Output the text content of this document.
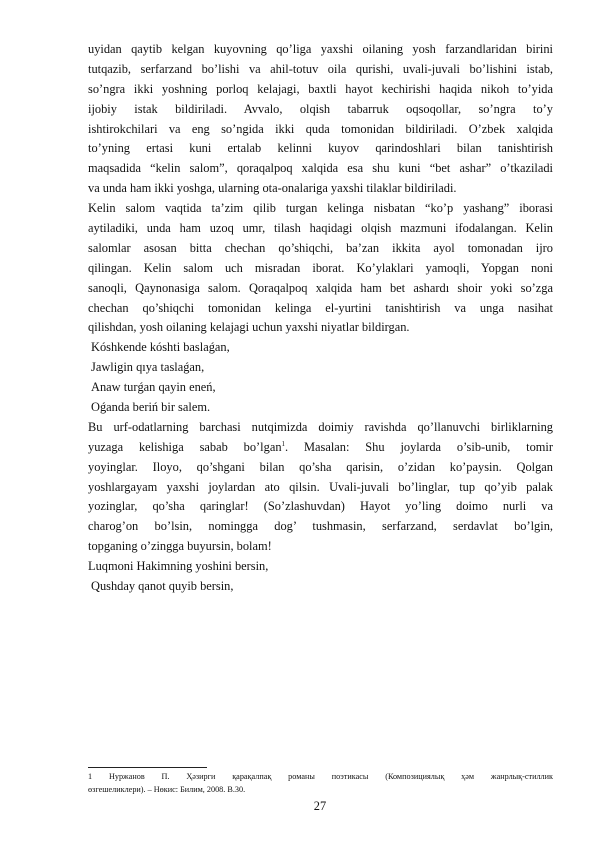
uyidan qaytib kelgan kuyovning qo’liga yaxshi oilaning yosh farzandlaridan birini
tutqazib, serfarzand bo’lishi va ahil-totuv oila qurishi, uvali-juvali bo’lishini istab,
so’ngra ikki yoshning porloq kelajagi, baxtli hayot kechirishi haqida nikoh to’yida
ijobiy istak bildiriladi. Avvalo, olqish tabarruk oqsoqollar, so’ngra to’y
ishtirokchilari va eng so’ngida ikki quda tomonidan bildiriladi. O’zbek xalqida
to’yning ertasi kuni ertalab kelinni kuyov qarindoshlari bilan tanishtirish
maqsadida “kelin salom”, qoraqalpoq xalqida esa shu kuni “bet ashar” o’tkaziladi
va unda ham ikki yoshga, ularning ota-onalariga yaxshi tilaklar bildiriladi.
Kelin salom vaqtida ta’zim qilib turgan kelinga nisbatan “ko’p yashang” iborasi
aytiladiki, unda ham uzoq umr, tilash haqidagi olqish mazmuni ifodalangan. Kelin
salomlar asosan bitta chechan qo’shiqchi, ba’zan ikkita ayol tomonadan ijro
qilingan. Kelin salom uch misradan iborat. Ko’ylaklari yamoqli, Yopgan noni
sanoqli, Qaynonasiga salom. Qoraqalpoq xalqida ham bet ashardı shoir yoki so’zga
chechan qo’shiqchi tomonidan kelinga el-yurtini tanishtirish va unga nasihat
qilishdan, yosh oilaning kelajagi uchun yaxshi niyatlar bildirgan.
Kóshkende kóshti baslaǵan,
Jawligin qıya taslaǵan,
Anaw turǵan qayin eneń,
Oǵanda beriń bir salem.
Bu urf-odatlarning barchasi nutqimizda doimiy ravishda qo’llanuvchi birliklarning
yuzaga kelishiga sabab bo’lgan$^1$. Masalan: Shu joylarda o’sib-unib, tomir
yoyinglar. Iloyo, qo’shgani bilan qo’sha qarisin, o’zidan ko’paysin. Qolgan
yoshlargayam yaxshi joylardan ato qilsin. Uvali-juvali bo’linglar, tup qo’yib palak
yozinglar, qo’sha qaringlar! (So’zlashuvdan) Hayot yo’ling doimo nurli va
charog’on bo’lsin, nomingga dog’ tushmasin, serfarzand, serdavlat bo’lgin,
topganing o’zingga buyursin, bolam!
Luqmoni Hakimning yoshini bersin,
Qushday qanot quyib bersin,
1 Нуржанов П. Ҳәзирги қарақалпақ романы поэтикасы (Композициялық ҳәм жанрлық-стиллик
өзгешеликлери). – Нөкис: Билим, 2008. B.30.
27
